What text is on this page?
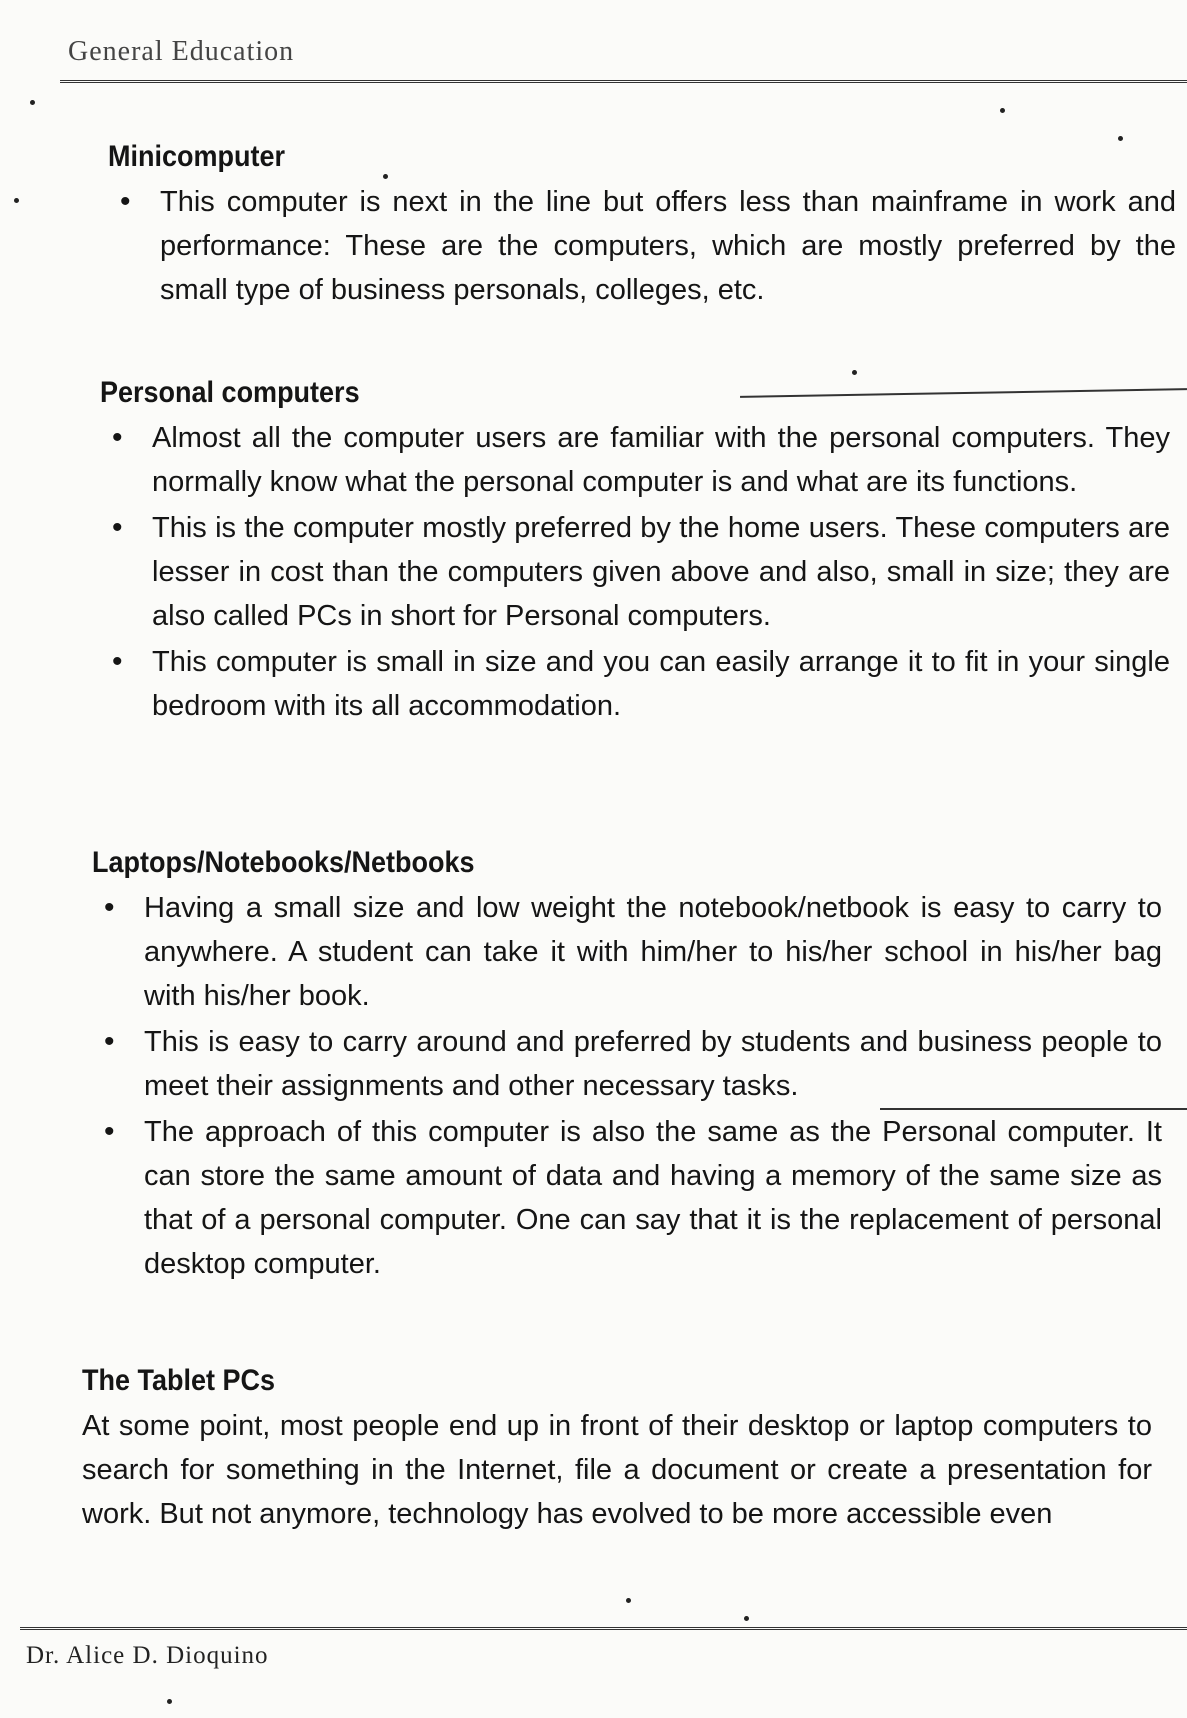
General Education
Minicomputer
• This computer is next in the line but offers less than mainframe in work and performance: These are the computers, which are mostly preferred by the small type of business personals, colleges, etc.
Personal computers
• Almost all the computer users are familiar with the personal computers. They normally know what the personal computer is and what are its functions.
• This is the computer mostly preferred by the home users. These computers are lesser in cost than the computers given above and also, small in size; they are also called PCs in short for Personal computers.
• This computer is small in size and you can easily arrange it to fit in your single bedroom with its all accommodation.
Laptops/Notebooks/Netbooks
• Having a small size and low weight the notebook/netbook is easy to carry to anywhere. A student can take it with him/her to his/her school in his/her bag with his/her book.
• This is easy to carry around and preferred by students and business people to meet their assignments and other necessary tasks.
• The approach of this computer is also the same as the Personal computer. It can store the same amount of data and having a memory of the same size as that of a personal computer. One can say that it is the replacement of personal desktop computer.
The Tablet PCs

At some point, most people end up in front of their desktop or laptop computers to search for something in the Internet, file a document or create a presentation for work. But not anymore, technology has evolved to be more accessible even

Dr. Alice D. Dioquino
